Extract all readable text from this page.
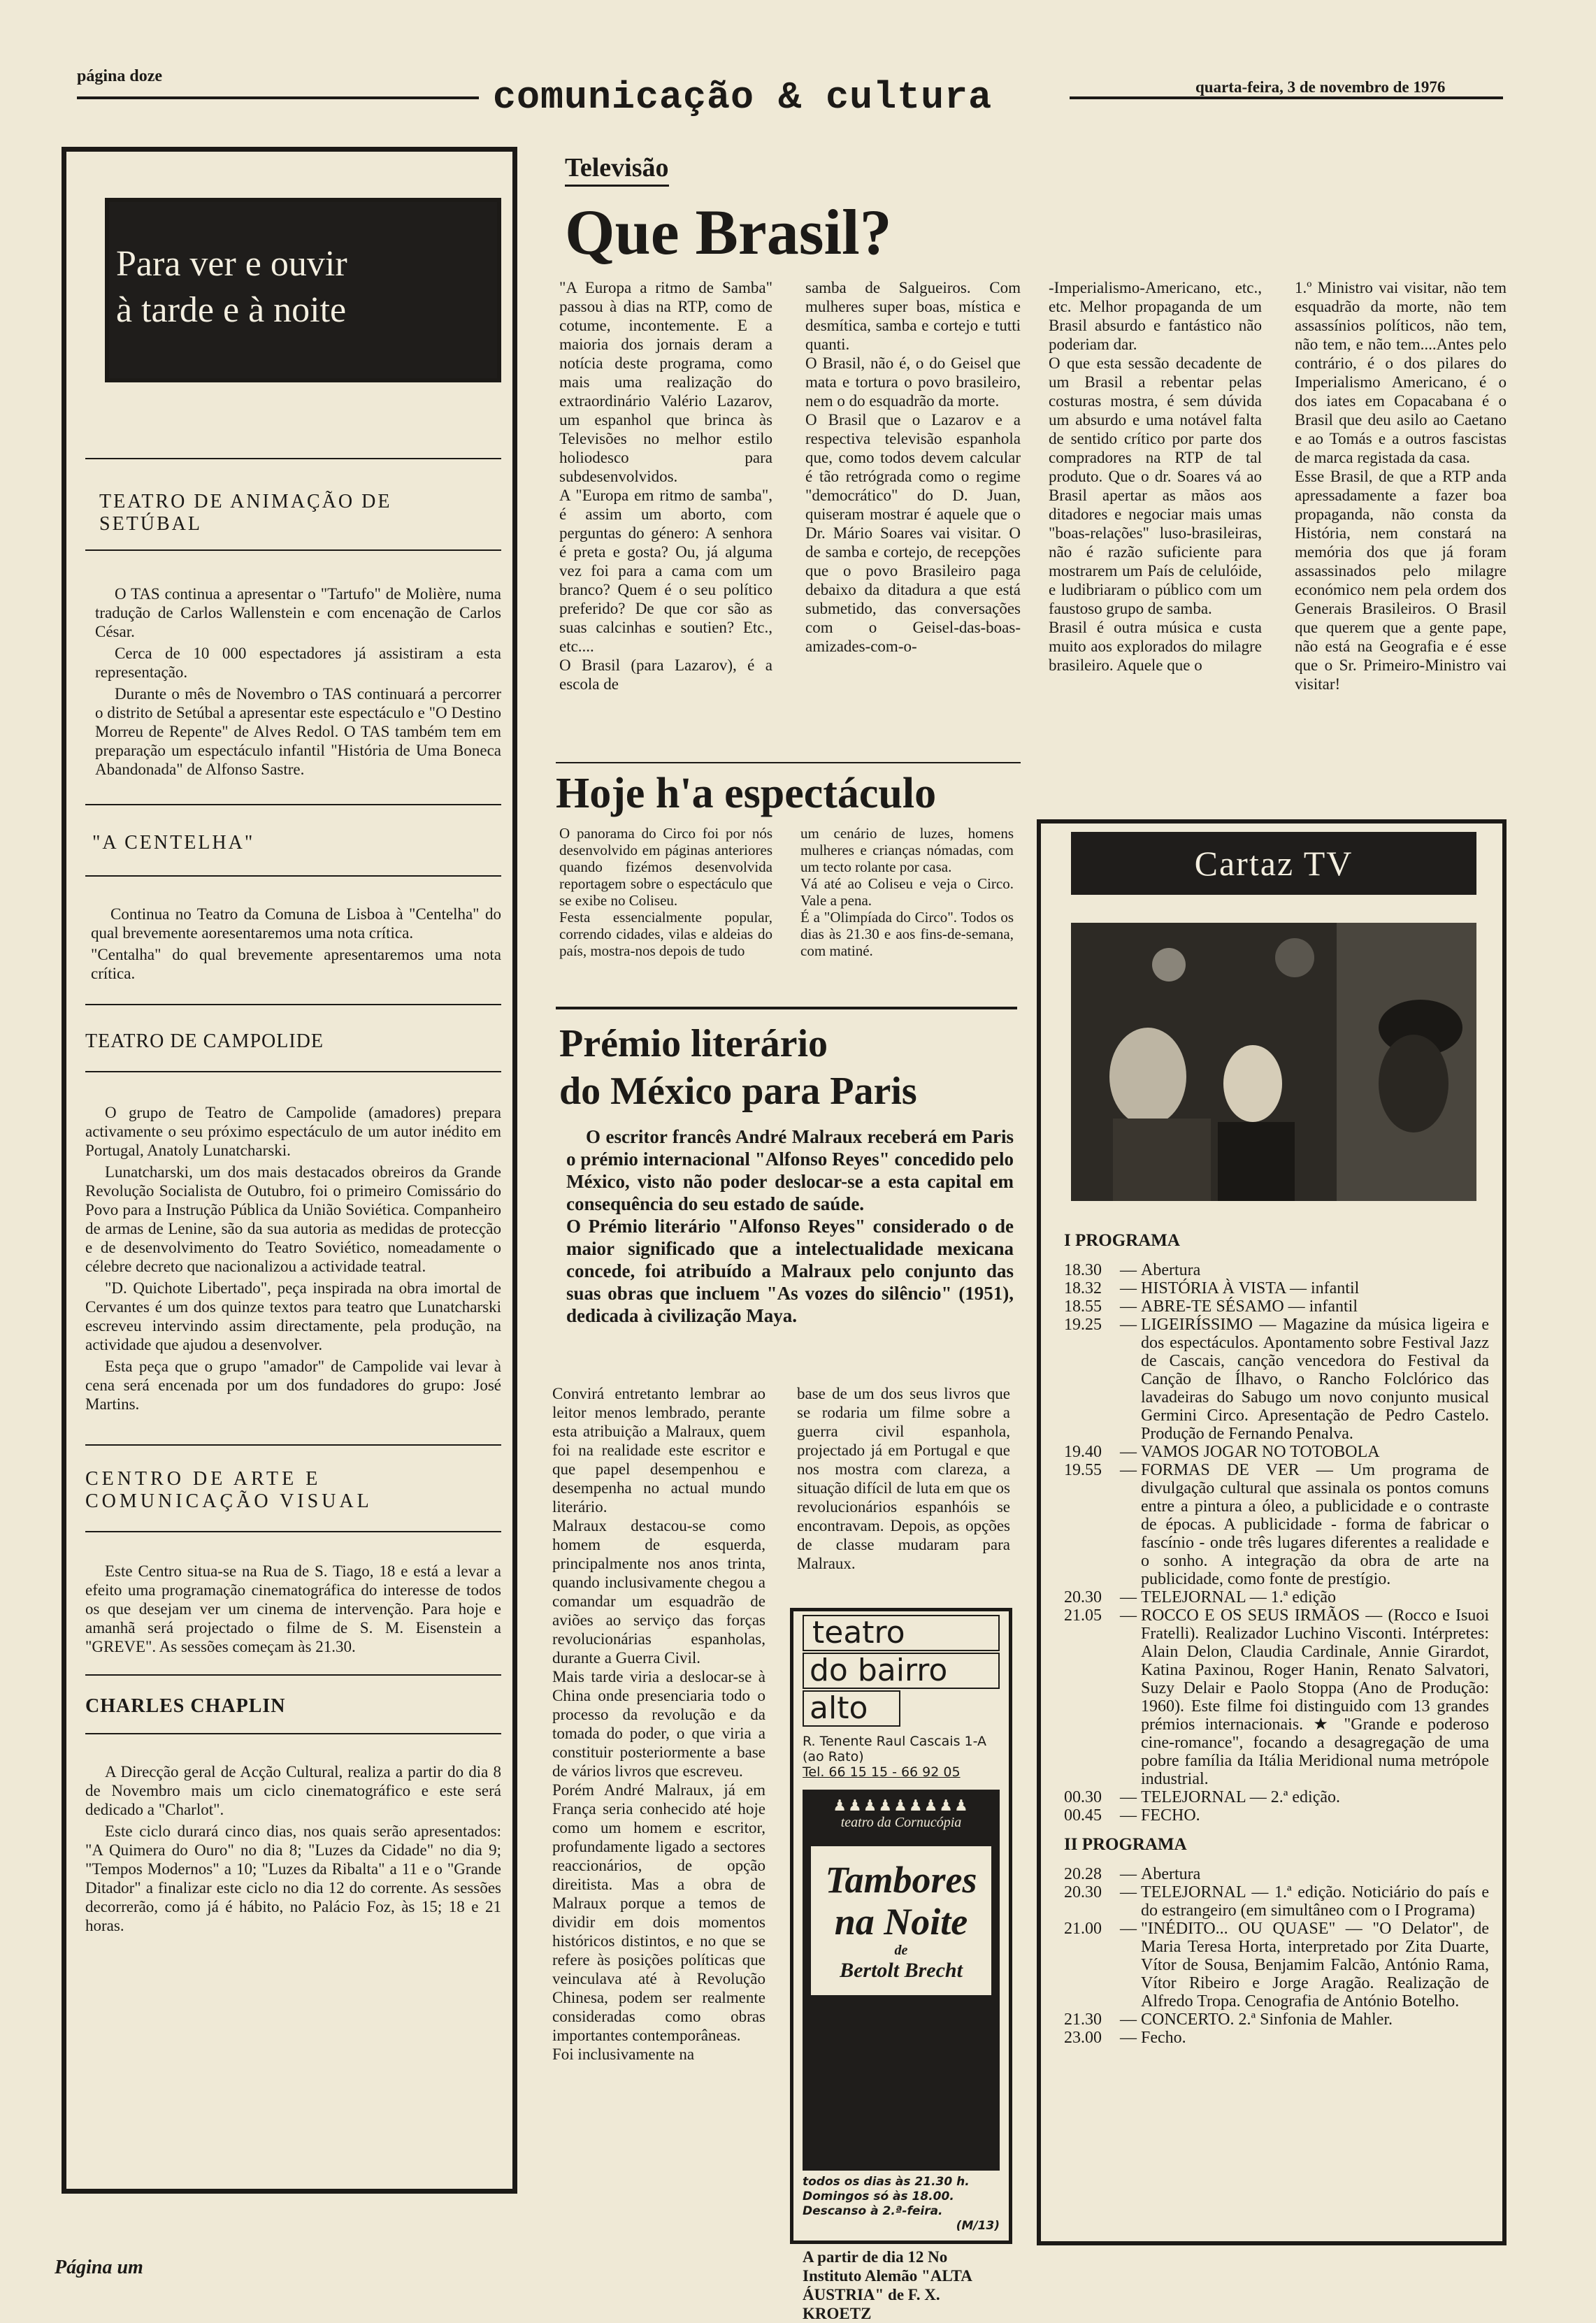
página doze	comunicação & cultura	quarta-feira, 3 de novembro de 1976
Para ver e ouvir
à tarde e à noite
TEATRO DE ANIMAÇÃO DE SETÚBAL

O TAS continua a apresentar o "Tartufo" de Molière, numa tradução de Carlos Wallenstein e com encenação de Carlos César.

Cerca de 10 000 espectadores já assistiram a esta representação.

Durante o mês de Novembro o TAS continuará a percorrer o distrito de Setúbal a apresentar este espectáculo e "O Destino Morreu de Repente" de Alves Redol. O TAS também tem em preparação um espectáculo infantil "História de Uma Boneca Abandonada" de Alfonso Sastre.

"A CENTELHA"

Continua no Teatro da Comuna de Lisboa à "Centelha" do qual brevemente aoresentaremos uma nota crítica.

"Centalha" do qual brevemente apresentaremos uma nota crítica.

TEATRO DE CAMPOLIDE

O grupo de Teatro de Campolide (amadores) prepara activamente o seu próximo espectáculo de um autor inédito em Portugal, Anatoly Lunatcharski.

Lunatcharski, um dos mais destacados obreiros da Grande Revolução Socialista de Outubro, foi o primeiro Comissário do Povo para a Instrução Pública da União Soviética. Companheiro de armas de Lenine, são da sua autoria as medidas de protecção e de desenvolvimento do Teatro Soviético, nomeadamente o célebre decreto que nacionalizou a actividade teatral.

"D. Quichote Libertado", peça inspirada na obra imortal de Cervantes é um dos quinze textos para teatro que Lunatcharski escreveu intervindo assim directamente, pela produção, na actividade que ajudou a desenvolver.

Esta peça que o grupo "amador" de Campolide vai levar à cena será encenada por um dos fundadores do grupo: José Martins.

CENTRO DE ARTE E COMUNICAÇÃO VISUAL

Este Centro situa-se na Rua de S. Tiago, 18 e está a levar a efeito uma programação cinematográfica do interesse de todos os que desejam ver um cinema de intervenção. Para hoje e amanhã será projectado o filme de S. M. Eisenstein a "GREVE". As sessões começam às 21.30.

CHARLES CHAPLIN

A Direcção geral de Acção Cultural, realiza a partir do dia 8 de Novembro mais um ciclo cinematográfico e este será dedicado a "Charlot".

Este ciclo durará cinco dias, nos quais serão apresentados: "A Quimera do Ouro" no dia 8; "Luzes da Cidade" no dia 9; "Tempos Modernos" a 10; "Luzes da Ribalta" a 11 e o "Grande Ditador" a finalizar este ciclo no dia 12 do corrente. As sessões decorrerão, como já é hábito, no Palácio Foz, às 15; 18 e 21 horas.

Televisão
Que Brasil?
"A Europa a ritmo de Samba" passou à dias na RTP, como de cotume, incontemente. E a maioria dos jornais deram a notícia deste programa, como mais uma realização do extraordinário Valério Lazarov, um espanhol que brinca às Televisões no melhor estilo holiodesco para subdesenvolvidos.
A "Europa em ritmo de samba", é assim um aborto, com perguntas do género: A senhora é preta e gosta? Ou, já alguma vez foi para a cama com um branco? Quem é o seu político preferido? De que cor são as suas calcinhas e soutien? Etc., etc....
O Brasil (para Lazarov), é a escola de
samba de Salgueiros. Com mulheres super boas, mística e desmítica, samba e cortejo e tutti quanti.
O Brasil, não é, o do Geisel que mata e tortura o povo brasileiro, nem o do esquadrão da morte.
O Brasil que o Lazarov e a respectiva televisão espanhola que, como todos devem calcular é tão retrógrada como o regime "democrático" do D. Juan, quiseram mostrar é aquele que o Dr. Mário Soares vai visitar. O de samba e cortejo, de recepções que o povo Brasileiro paga debaixo da ditadura a que está submetido, das conversações com o Geisel-das-boas-amizades-com-o-
-Imperialismo-Americano, etc., etc. Melhor propaganda de um Brasil absurdo e fantástico não poderiam dar.
O que esta sessão decadente de um Brasil a rebentar pelas costuras mostra, é sem dúvida um absurdo e uma notável falta de sentido crítico por parte dos compradores na RTP de tal produto. Que o dr. Soares vá ao Brasil apertar as mãos aos ditadores e negociar mais umas "boas-relações" luso-brasileiras, não é razão suficiente para mostrarem um País de celulóide, e ludibriaram o público com um faustoso grupo de samba.
Brasil é outra música e custa muito aos explorados do milagre brasileiro. Aquele que o
1.º Ministro vai visitar, não tem esquadrão da morte, não tem assassínios políticos, não tem, não tem, e não tem....Antes pelo contrário, é o dos pilares do Imperialismo Americano, é o dos iates em Copacabana é o Brasil que deu asilo ao Caetano e ao Tomás e a outros fascistas de marca registada da casa.
Esse Brasil, de que a RTP anda apressadamente a fazer boa propaganda, não consta da História, nem constará na memória dos que já foram assassinados pelo milagre económico nem pela ordem dos Generais Brasileiros. O Brasil que querem que a gente pape, não está na Geografia e é esse que o Sr. Primeiro-Ministro vai visitar!
Hoje h'a espectáculo
O panorama do Circo foi por nós desenvolvido em páginas anteriores quando fizémos desenvolvida reportagem sobre o espectáculo que se exibe no Coliseu.
Festa essencialmente popular, correndo cidades, vilas e aldeias do país, mostra-nos depois de tudo
um cenário de luzes, homens mulheres e crianças nómadas, com um tecto rolante por casa.
Vá até ao Coliseu e veja o Circo. Vale a pena.
É a "Olimpíada do Circo". Todos os dias às 21.30 e aos fins-de-semana, com matiné.
Prémio literário
do México para Paris
O escritor francês André Malraux receberá em Paris o prémio internacional "Alfonso Reyes" concedido pelo México, visto não poder deslocar-se a esta capital em consequência do seu estado de saúde.
O Prémio literário "Alfonso Reyes" considerado o de maior significado que a intelectualidade mexicana concede, foi atribuído a Malraux pelo conjunto das suas obras que incluem "As vozes do silêncio" (1951), dedicada à civilização Maya.
Convirá entretanto lembrar ao leitor menos lembrado, perante esta atribuição a Malraux, quem foi na realidade este escritor e que papel desempenhou e desempenha no actual mundo literário.
Malraux destacou-se como homem de esquerda, principalmente nos anos trinta, quando inclusivamente chegou a comandar um esquadrão de aviões ao serviço das forças revolucionárias espanholas, durante a Guerra Civil.
Mais tarde viria a deslocar-se à China onde presenciaria todo o processo da revolução e da tomada do poder, o que viria a constituir posteriormente a base de vários livros que escreveu.
Porém André Malraux, já em França seria conhecido até hoje como um homem e escritor, profundamente ligado a sectores reaccionários, de opção direitista. Mas a obra de Malraux porque a temos de dividir em dois momentos históricos distintos, e no que se refere às posições políticas que veinculava até à Revolução Chinesa, podem ser realmente consideradas como obras importantes contemporâneas.
Foi inclusivamente na
base de um dos seus livros que se rodaria um filme sobre a guerra civil espanhola, projectado já em Portugal e que nos mostra com clareza, a situação difícil de luta em que os revolucionários espanhóis se encontravam. Depois, as opções de classe mudaram para Malraux.
teatro
do bairro
alto
R. Tenente Raul Cascais 1-A (ao Rato)
Tel. 66 15 15 - 66 92 05
♟♟♟♟♟♟♟♟♟
teatro da Cornucópia
Tambores
na Noite
de
Bertolt Brecht
todos os dias às 21.30 h.
Domingos só às 18.00.
Descanso à 2.ª-feira.
(M/13)
A partir de dia 12 No Instituto Alemão "ALTA ÁUSTRIA" de F. X. KROETZ
Cartaz TV
I PROGRAMA
18.30	— Abertura
18.32	— HISTÓRIA À VISTA — infantil
18.55	— ABRE-TE SÉSAMO — infantil
19.25	— LIGEIRÍSSIMO — Magazine da música ligeira e dos espectáculos. Apontamento sobre Festival Jazz de Cascais, canção vencedora do Festival da Canção de Ílhavo, o Rancho Folclórico das lavadeiras do Sabugo um novo conjunto musical Germini Circo. Apresentação de Pedro Castelo. Produção de Fernando Penalva.
19.40	— VAMOS JOGAR NO TOTOBOLA
19.55	— FORMAS DE VER — Um programa de divulgação cultural que assinala os pontos comuns entre a pintura a óleo, a publicidade e o contraste de épocas. A publicidade - forma de fabricar o fascínio - onde três lugares diferentes a realidade e o sonho. A integração da obra de arte na publicidade, como fonte de prestígio.
20.30	— TELEJORNAL — 1.ª edição
21.05	— ROCCO E OS SEUS IRMÃOS — (Rocco e Isuoi Fratelli). Realizador Luchino Visconti. Intérpretes: Alain Delon, Claudia Cardinale, Annie Girardot, Katina Paxinou, Roger Hanin, Renato Salvatori, Suzy Delair e Paolo Stoppa (Ano de Produção: 1960). Este filme foi distinguido com 13 grandes prémios internacionais. ★ "Grande e poderoso cine-romance", focando a desagregação de uma pobre família da Itália Meridional numa metrópole industrial.
00.30	— TELEJORNAL — 2.ª edição.
00.45	— FECHO.
II PROGRAMA
20.28	— Abertura
20.30	— TELEJORNAL — 1.ª edição. Noticiário do país e do estrangeiro (em simultâneo com o I Programa)
21.00	— "INÉDITO... OU QUASE" — "O Delator", de Maria Teresa Horta, interpretado por Zita Duarte, Vítor de Sousa, Benjamim Falcão, António Rama, Vítor Ribeiro e Jorge Aragão. Realização de Alfredo Tropa. Cenografia de António Botelho.
21.30	— CONCERTO. 2.ª Sinfonia de Mahler.
23.00	— Fecho.
Página um
